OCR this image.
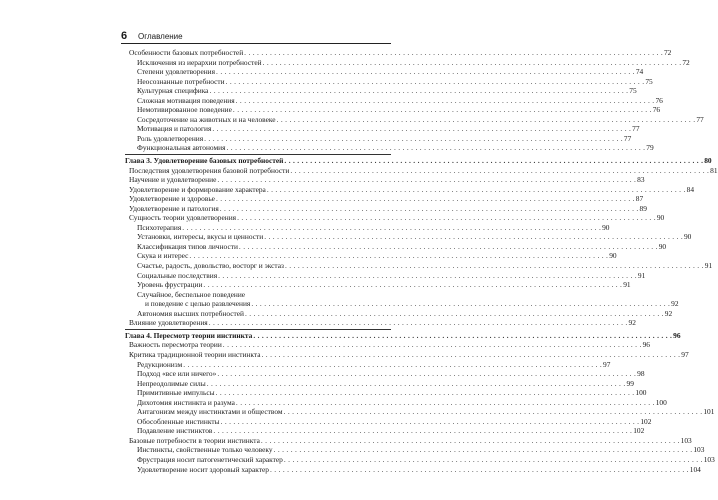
6 Оглавление
Особенности базовых потребностей . . .	72
Исключения из иерархии потребностей . . .	72
Степени удовлетворения . . .	74
Неосознанные потребности . . .	75
Культурная специфика . . .	75
Сложная мотивация поведения . . .	76
Немотивированное поведение . . .	76
Сосредоточение на животных и на человеке . . .	77
Мотивация и патология . . .	77
Роль удовлетворения . . .	77
Функциональная автономия . . .	79
Глава 3. Удовлетворение базовых потребностей . . .	80
Последствия удовлетворения базовой потребности . . .	81
Научение и удовлетворение . . .	83
Удовлетворение и формирование характера . . .	84
Удовлетворение и здоровье . . .	87
Удовлетворение и патология . . .	89
Сущность теории удовлетворения . . .	90
Психотерапия . . .	90
Установки, интересы, вкусы и ценности . . .	90
Классификация типов личности . . .	90
Скука и интерес . . .	90
Счастье, радость, довольство, восторг и экстаз . . .	91
Социальные последствия . . .	91
Уровень фрустрации . . .	91
Случайное, беспельное поведение
и поведение с целью развлечения . . .	92
Автономия высших потребностей . . .	92
Влияние удовлетворения . . .	92
Глава 4. Пересмотр теории инстинкта . . .	96
Важность пересмотра теории . . .	96
Критика традиционной теории инстинкта . . .	97
Редукционизм . . .	97
Подход «все или ничего» . . .	98
Непреодолимые силы . . .	99
Примитивные импульсы . . .	100
Дихотомия инстинкта и разума . . .	100
Антагонизм между инстинктами и обществом . . .	101
Обособленные инстинкты . . .	102
Подавление инстинктов . . .	102
Базовые потребности в теории инстинкта . . .	103
Инстинкты, свойственные только человеку . . .	103
Фрустрация носит патогенетический характер . . .	103
Удовлетворение носит здоровый характер . . .	104
